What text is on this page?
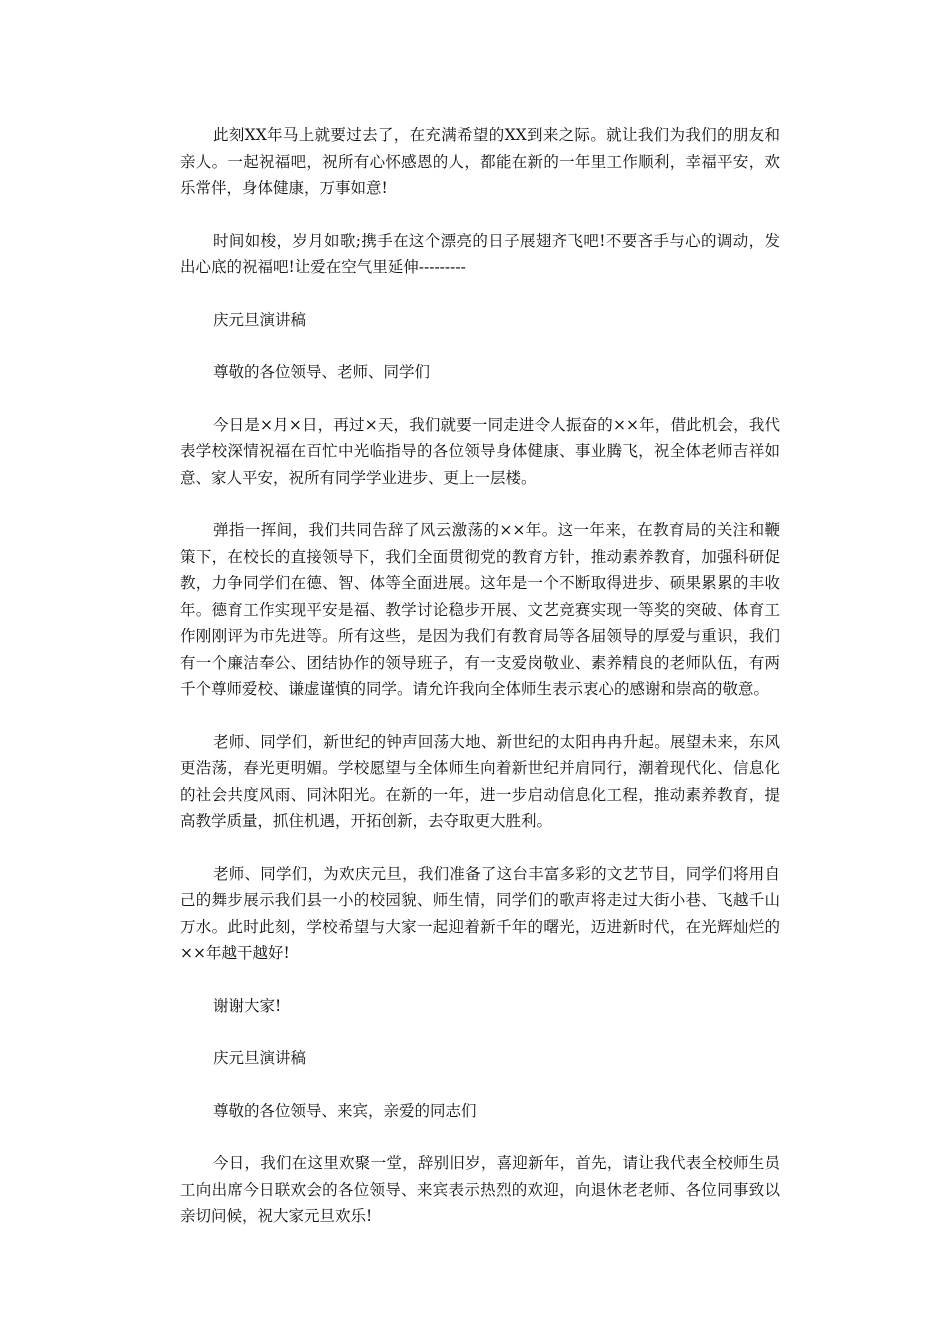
此刻XX年马上就要过去了，在充满希望的XX到来之际。就让我们为我们的朋友和亲人。一起祝福吧，祝所有心怀感恩的人，都能在新的一年里工作顺利，幸福平安，欢乐常伴，身体健康，万事如意!

时间如梭，岁月如歌;携手在这个漂亮的日子展翅齐飞吧!不要吝手与心的调动，发出心底的祝福吧!让爱在空气里延伸---------

庆元旦演讲稿

尊敬的各位领导、老师、同学们

今日是×月×日，再过×天，我们就要一同走进令人振奋的××年，借此机会，我代表学校深情祝福在百忙中光临指导的各位领导身体健康、事业腾飞，祝全体老师吉祥如意、家人平安，祝所有同学学业进步、更上一层楼。

弹指一挥间，我们共同告辞了风云激荡的××年。这一年来，在教育局的关注和鞭策下，在校长的直接领导下，我们全面贯彻党的教育方针，推动素养教育，加强科研促教，力争同学们在德、智、体等全面进展。这年是一个不断取得进步、硕果累累的丰收年。德育工作实现平安是福、教学讨论稳步开展、文艺竞赛实现一等奖的突破、体育工作刚刚评为市先进等。所有这些，是因为我们有教育局等各届领导的厚爱与重识，我们有一个廉洁奉公、团结协作的领导班子，有一支爱岗敬业、素养精良的老师队伍，有两千个尊师爱校、谦虚谨慎的同学。请允许我向全体师生表示衷心的感谢和崇高的敬意。

老师、同学们，新世纪的钟声回荡大地、新世纪的太阳冉冉升起。展望未来，东风更浩荡，春光更明媚。学校愿望与全体师生向着新世纪并肩同行，潮着现代化、信息化的社会共度风雨、同沐阳光。在新的一年，进一步启动信息化工程，推动素养教育，提高教学质量，抓住机遇，开拓创新，去夺取更大胜利。

老师、同学们，为欢庆元旦，我们准备了这台丰富多彩的文艺节目，同学们将用自己的舞步展示我们县一小的校园貌、师生情，同学们的歌声将走过大街小巷、飞越千山万水。此时此刻，学校希望与大家一起迎着新千年的曙光，迈进新时代，在光辉灿烂的××年越干越好!

谢谢大家!

庆元旦演讲稿

尊敬的各位领导、来宾，亲爱的同志们

今日，我们在这里欢聚一堂，辞别旧岁，喜迎新年，首先，请让我代表全校师生员工向出席今日联欢会的各位领导、来宾表示热烈的欢迎，向退休老老师、各位同事致以亲切问候，祝大家元旦欢乐!
